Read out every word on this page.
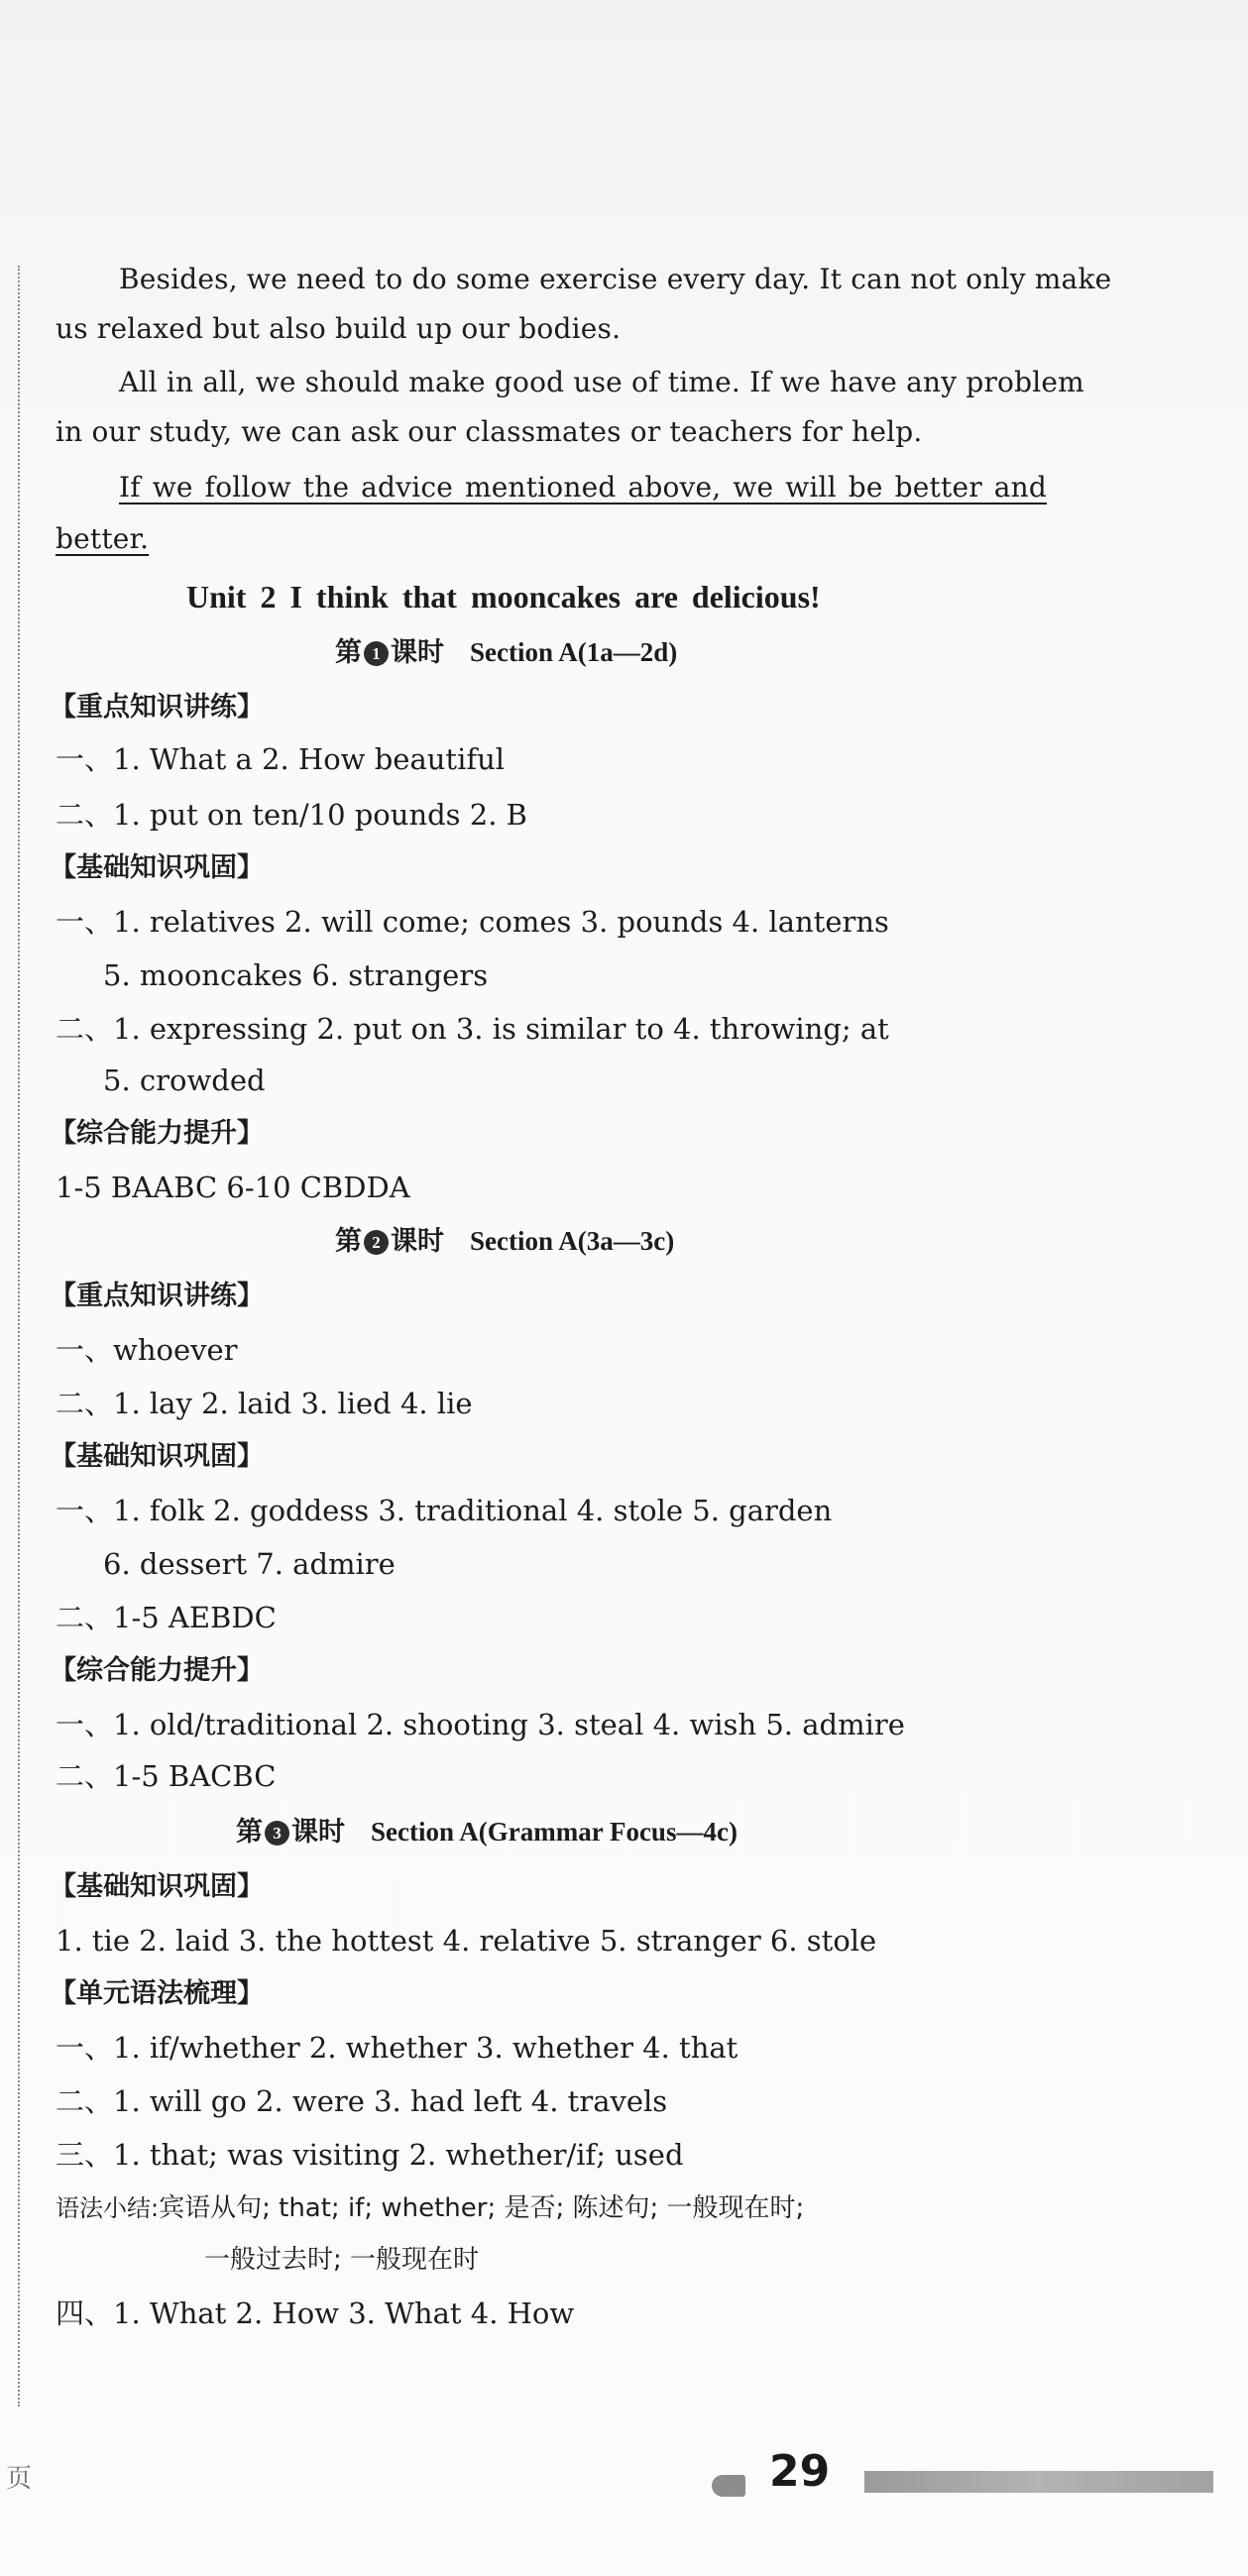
Besides, we need to do some exercise every day. It can not only make
us relaxed but also build up our bodies.
All in all, we should make good use of time. If we have any problem
in our study, we can ask our classmates or teachers for help.
If we follow the advice mentioned above, we will be better and
better.
Unit 2 I think that mooncakes are delicious!
第 1 课时 Section A(1a—2d)
【重点知识讲练】
一、1. What a 2. How beautiful
二、1. put on ten/10 pounds 2. B
【基础知识巩固】
一、1. relatives 2. will come; comes 3. pounds 4. lanterns
5. mooncakes 6. strangers
二、1. expressing 2. put on 3. is similar to 4. throwing; at
5. crowded
【综合能力提升】
1-5 BAABC 6-10 CBDDA
第 2 课时 Section A(3a—3c)
【重点知识讲练】
一、whoever
二、1. lay 2. laid 3. lied 4. lie
【基础知识巩固】
一、1. folk 2. goddess 3. traditional 4. stole 5. garden
6. dessert 7. admire
二、1-5 AEBDC
【综合能力提升】
一、1. old/traditional 2. shooting 3. steal 4. wish 5. admire
二、1-5 BACBC
第 3 课时 Section A(Grammar Focus—4c)
【基础知识巩固】
1. tie 2. laid 3. the hottest 4. relative 5. stranger 6. stole
【单元语法梳理】
一、1. if/whether 2. whether 3. whether 4. that
二、1. will go 2. were 3. had left 4. travels
三、1. that; was visiting 2. whether/if; used
语法小结:宾语从句; that; if; whether; 是否; 陈述句; 一般现在时;
一般过去时; 一般现在时
四、1. What 2. How 3. What 4. How
页	29
